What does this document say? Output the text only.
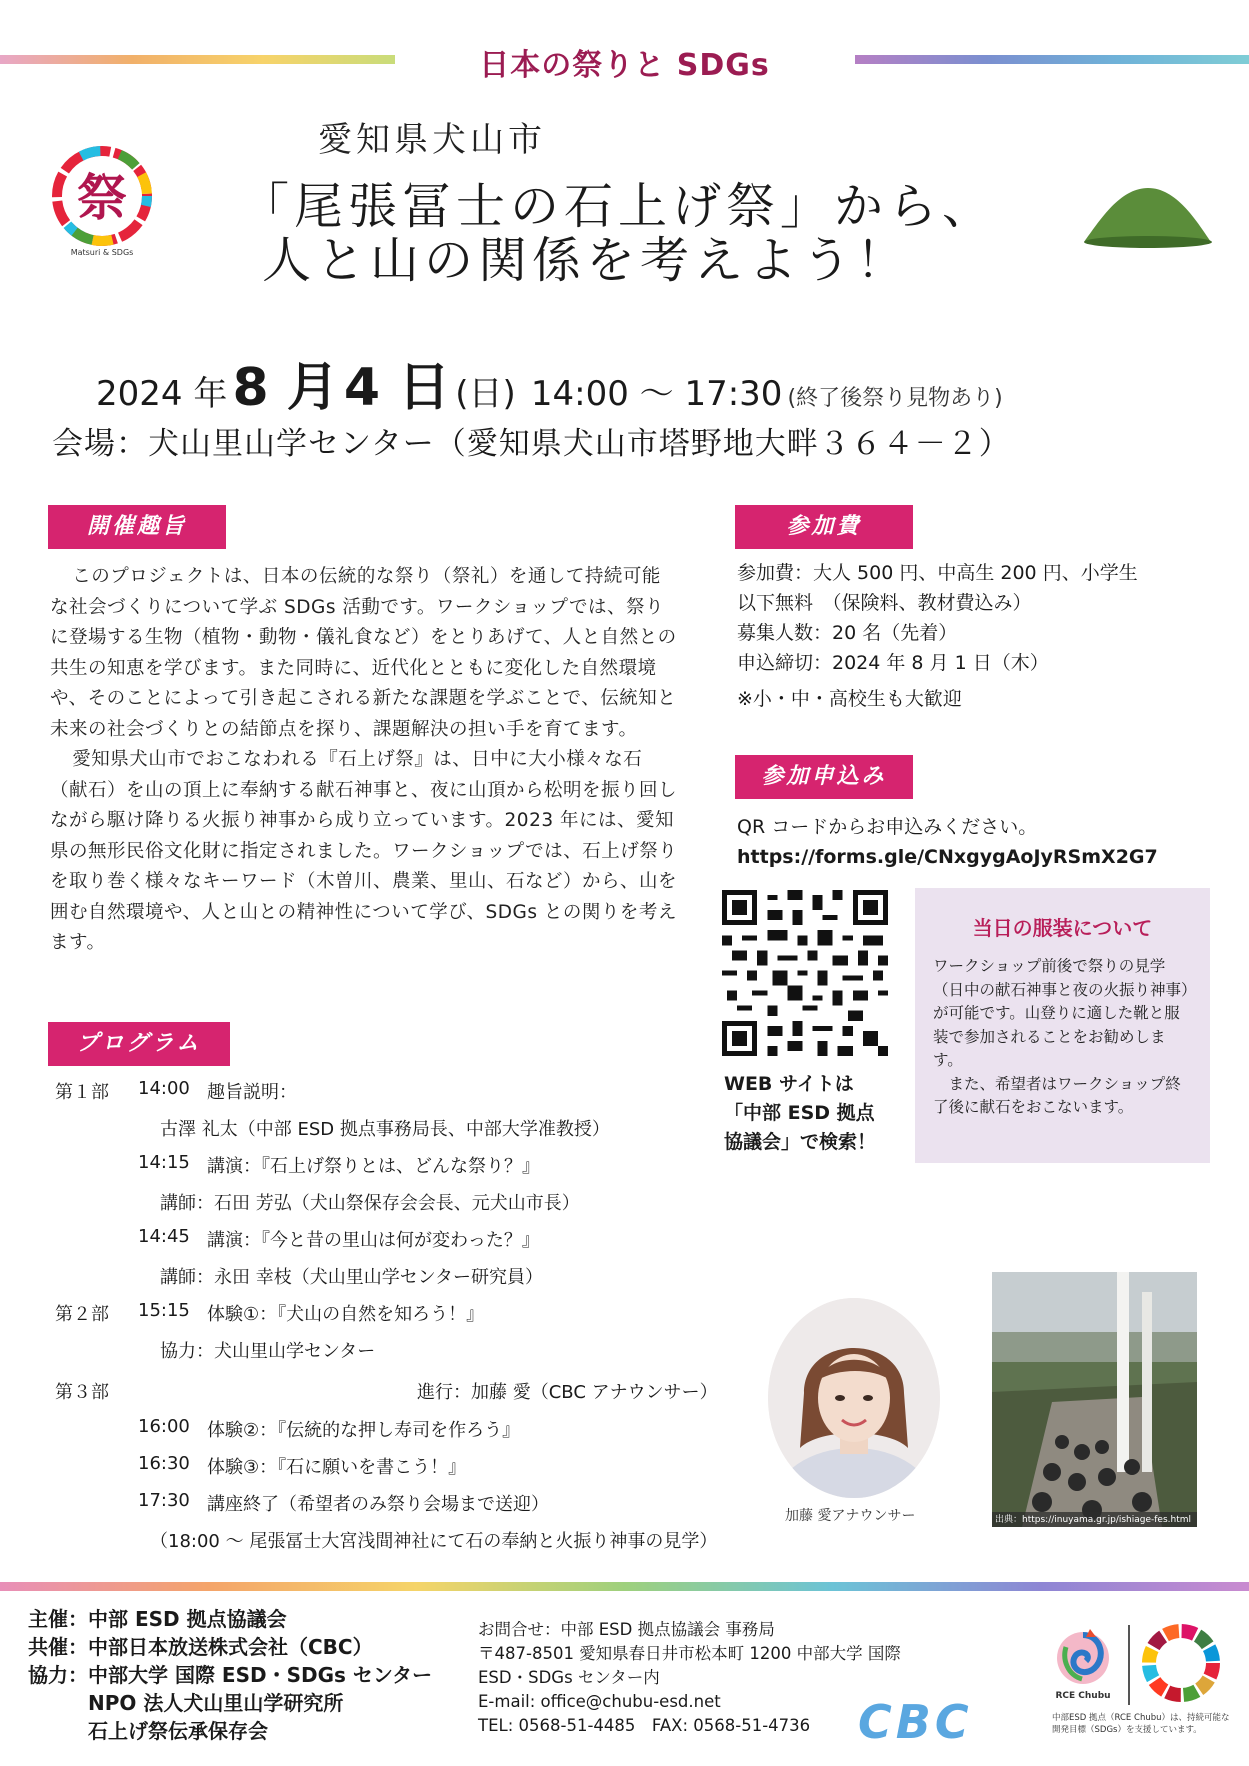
日本の祭りと SDGs
祭
Matsuri & SDGs
愛知県犬山市
「尾張冨士の石上げ祭」から、
人と山の関係を考えよう！
2024 年 8 月 4 日 (日) 14:00 〜 17:30 (終了後祭り見物あり)
会場：犬山里山学センター（愛知県犬山市塔野地大畔３６４－２）
開催趣旨

このプロジェクトは、日本の伝統的な祭り（祭礼）を通して持続可能な社会づくりについて学ぶ SDGs 活動です。ワークショップでは、祭りに登場する生物（植物・動物・儀礼食など）をとりあげて、人と自然との共生の知恵を学びます。また同時に、近代化とともに変化した自然環境や、そのことによって引き起こされる新たな課題を学ぶことで、伝統知と未来の社会づくりとの結節点を探り、課題解決の担い手を育てます。

愛知県犬山市でおこなわれる『石上げ祭』は、日中に大小様々な石（献石）を山の頂上に奉納する献石神事と、夜に山頂から松明を振り回しながら駆け降りる火振り神事から成り立っています。2023 年には、愛知県の無形民俗文化財に指定されました。ワークショップでは、石上げ祭りを取り巻く様々なキーワード（木曽川、農業、里山、石など）から、山を囲む自然環境や、人と山との精神性について学び、SDGs との関りを考えます。

プログラム
第１部 14:00 趣旨説明：
古澤 礼太（中部 ESD 拠点事務局長、中部大学准教授）
14:15 講演：『石上げ祭りとは、どんな祭り？』
講師：石田 芳弘（犬山祭保存会会長、元犬山市長）
14:45 講演：『今と昔の里山は何が変わった？』
講師：永田 幸枝（犬山里山学センター研究員）
第２部 15:15 体験①：『犬山の自然を知ろう！』
協力：犬山里山学センター
第３部	進行：加藤 愛（CBC アナウンサー）
16:00 体験②：『伝統的な押し寿司を作ろう』
16:30 体験③：『石に願いを書こう！』
17:30 講座終了（希望者のみ祭り会場まで送迎）
（18:00 〜 尾張冨士大宮浅間神社にて石の奉納と火振り神事の見学）
参加費
参加費：大人 500 円、中高生 200 円、小学生
以下無料　（保険料、教材費込み）
募集人数：20 名（先着）
申込締切：2024 年 8 月 1 日（木）
※小・中・高校生も大歓迎
参加申込み
QR コードからお申込みください。
https://forms.gle/CNxgygAoJyRSmX2G7
WEB サイトは
「中部 ESD 拠点
協議会」で検索！
当日の服装について
ワークショップ前後で祭りの見学（日中の献石神事と夜の火振り神事）が可能です。山登りに適した靴と服装で参加されることをお勧めします。
　また、希望者はワークショップ終了後に献石をおこないます。
加藤 愛アナウンサー	出典：https://inuyama.gr.jp/ishiage-fes.html
主催：中部 ESD 拠点協議会
共催：中部日本放送株式会社（CBC）
協力：中部大学 国際 ESD・SDGs センター
　　　NPO 法人犬山里山学研究所
　　　石上げ祭伝承保存会
お問合せ：中部 ESD 拠点協議会 事務局
〒487-8501 愛知県春日井市松本町 1200 中部大学 国際
ESD・SDGs センター内
E-mail: office@chubu-esd.net
TEL: 0568-51-4485　FAX: 0568-51-4736	CBC	RCE Chubu
中部ESD 拠点（RCE Chubu）は、持続可能な開発目標（SDGs）を支援しています。
